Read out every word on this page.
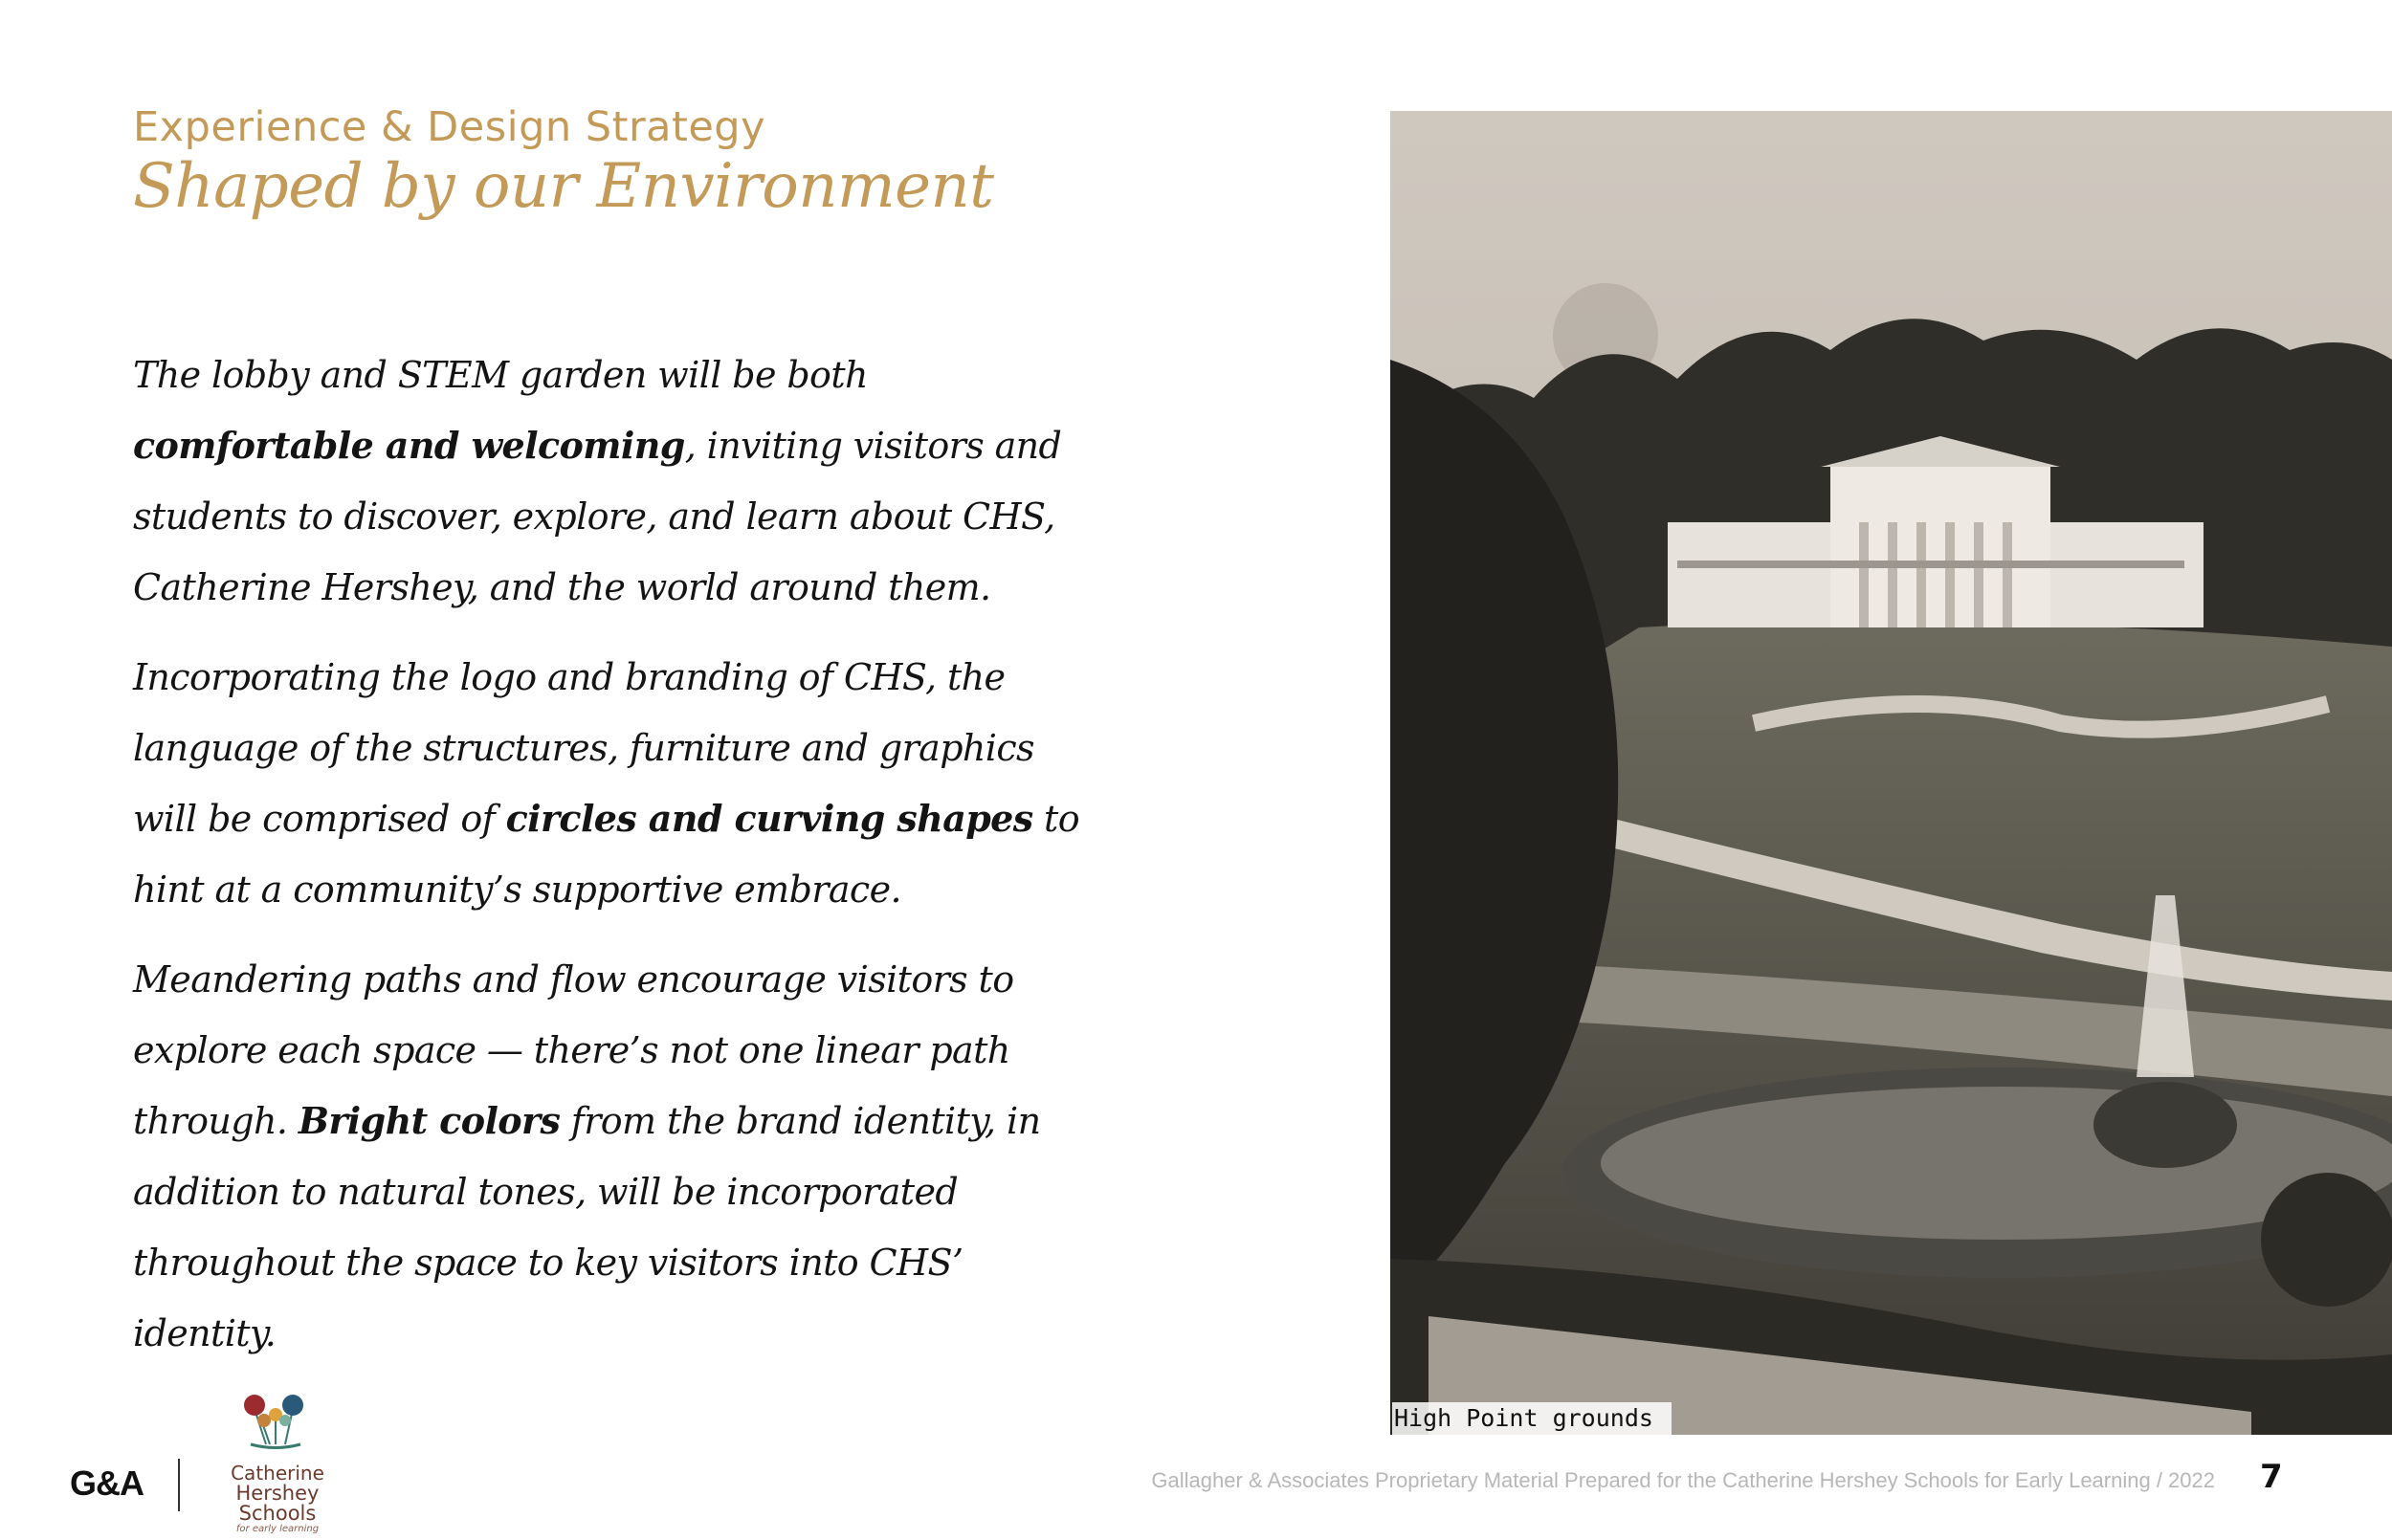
Experience & Design Strategy
Shaped by our Environment

The lobby and STEM garden will be both comfortable and welcoming, inviting visitors and students to discover, explore, and learn about CHS, Catherine Hershey, and the world around them.

Incorporating the logo and branding of CHS, the language of the structures, furniture and graphics will be comprised of circles and curving shapes to hint at a community’s supportive embrace.

Meandering paths and flow encourage visitors to explore each space — there’s not one linear path through. Bright colors from the brand identity, in addition to natural tones, will be incorporated throughout the space to key visitors into CHS’ identity.

High Point grounds
G&A	Catherine
Hershey
Schools
for early learning
Gallagher & Associates Proprietary Material Prepared for the Catherine Hershey Schools for Early Learning / 2022 7
